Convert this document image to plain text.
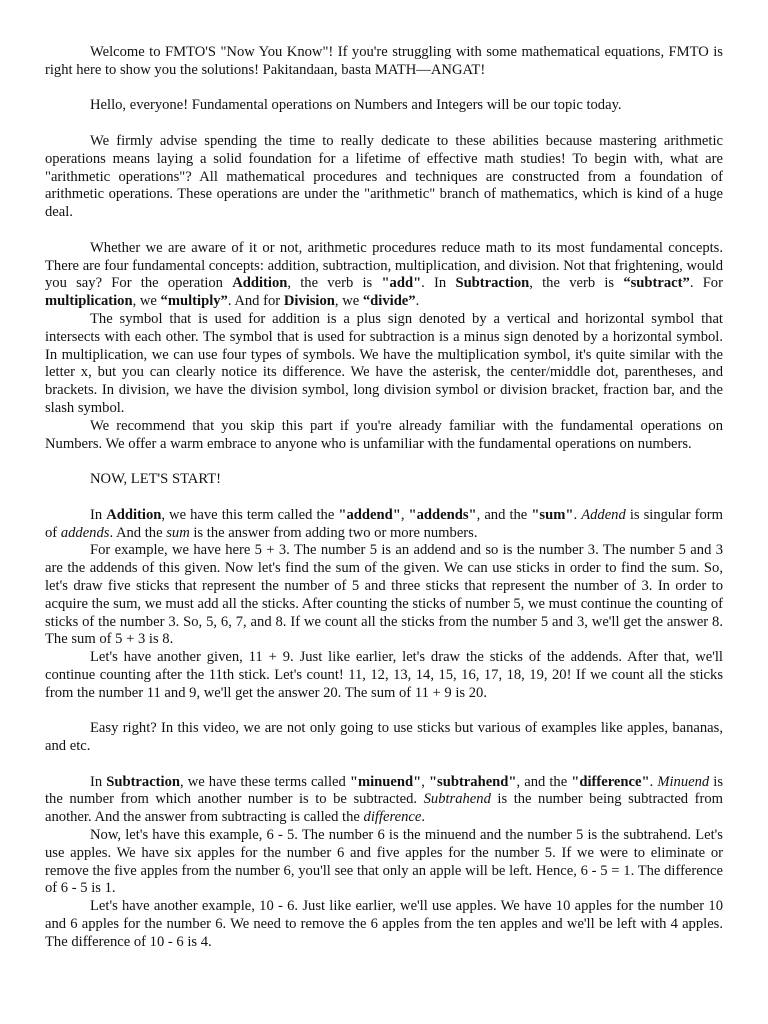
Welcome to FMTO'S "Now You Know"! If you're struggling with some mathematical equations, FMTO is right here to show you the solutions! Pakitandaan, basta MATH—ANGAT!

Hello, everyone! Fundamental operations on Numbers and Integers will be our topic today.

We firmly advise spending the time to really dedicate to these abilities because mastering arithmetic operations means laying a solid foundation for a lifetime of effective math studies! To begin with, what are "arithmetic operations"? All mathematical procedures and techniques are constructed from a foundation of arithmetic operations. These operations are under the "arithmetic" branch of mathematics, which is kind of a huge deal.

Whether we are aware of it or not, arithmetic procedures reduce math to its most fundamental concepts. There are four fundamental concepts: addition, subtraction, multiplication, and division. Not that frightening, would you say? For the operation Addition, the verb is "add". In Subtraction, the verb is “subtract”. For multiplication, we “multiply”. And for Division, we “divide”.

The symbol that is used for addition is a plus sign denoted by a vertical and horizontal symbol that intersects with each other. The symbol that is used for subtraction is a minus sign denoted by a horizontal symbol. In multiplication, we can use four types of symbols. We have the multiplication symbol, it's quite similar with the letter x, but you can clearly notice its difference. We have the asterisk, the center/middle dot, parentheses, and brackets. In division, we have the division symbol, long division symbol or division bracket, fraction bar, and the slash symbol.

We recommend that you skip this part if you're already familiar with the fundamental operations on Numbers. We offer a warm embrace to anyone who is unfamiliar with the fundamental operations on numbers.

NOW, LET'S START!

In Addition, we have this term called the "addend", "addends", and the "sum". Addend is singular form of addends. And the sum is the answer from adding two or more numbers.

For example, we have here 5 + 3. The number 5 is an addend and so is the number 3. The number 5 and 3 are the addends of this given. Now let's find the sum of the given. We can use sticks in order to find the sum. So, let's draw five sticks that represent the number of 5 and three sticks that represent the number of 3. In order to acquire the sum, we must add all the sticks. After counting the sticks of number 5, we must continue the counting of sticks of the number 3. So, 5, 6, 7, and 8. If we count all the sticks from the number 5 and 3, we'll get the answer 8. The sum of 5 + 3 is 8.

Let's have another given, 11 + 9. Just like earlier, let's draw the sticks of the addends. After that, we'll continue counting after the 11th stick. Let's count! 11, 12, 13, 14, 15, 16, 17, 18, 19, 20! If we count all the sticks from the number 11 and 9, we'll get the answer 20. The sum of 11 + 9 is 20.

Easy right? In this video, we are not only going to use sticks but various of examples like apples, bananas, and etc.

In Subtraction, we have these terms called "minuend", "subtrahend", and the "difference". Minuend is the number from which another number is to be subtracted. Subtrahend is the number being subtracted from another. And the answer from subtracting is called the difference.

Now, let's have this example, 6 - 5. The number 6 is the minuend and the number 5 is the subtrahend. Let's use apples. We have six apples for the number 6 and five apples for the number 5. If we were to eliminate or remove the five apples from the number 6, you'll see that only an apple will be left. Hence, 6 - 5 = 1. The difference of 6 - 5 is 1.

Let's have another example, 10 - 6. Just like earlier, we'll use apples. We have 10 apples for the number 10 and 6 apples for the number 6. We need to remove the 6 apples from the ten apples and we'll be left with 4 apples. The difference of 10 - 6 is 4.
